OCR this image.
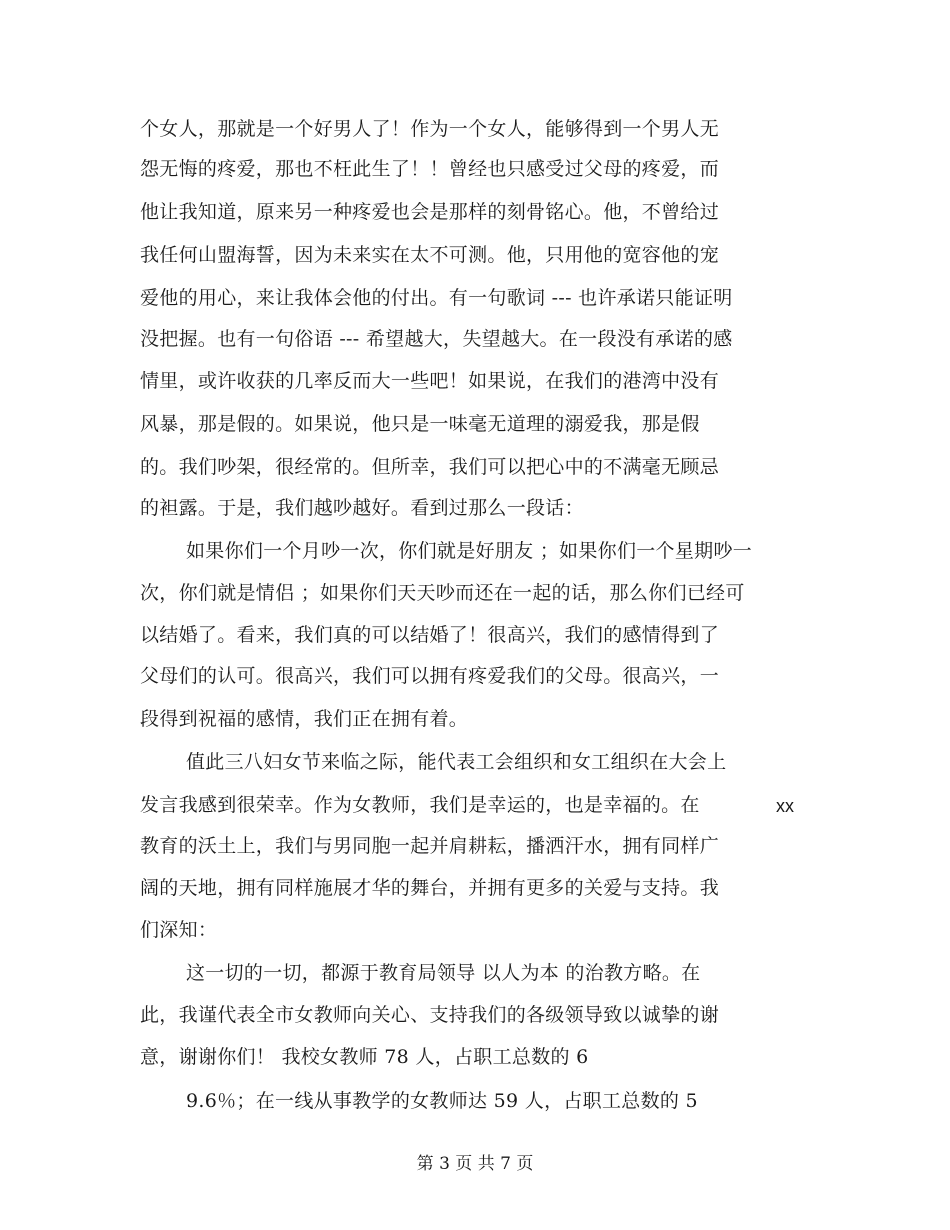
个女人，那就是一个好男人了！作为一个女人，能够得到一个男人无
怨无悔的疼爱，那也不枉此生了！！曾经也只感受过父母的疼爱，而
他让我知道，原来另一种疼爱也会是那样的刻骨铭心。他，不曾给过
我任何山盟海誓，因为未来实在太不可测。他，只用他的宽容他的宠
爱他的用心，来让我体会他的付出。有一句歌词 --- 也许承诺只能证明
没把握。也有一句俗语 --- 希望越大，失望越大。在一段没有承诺的感
情里，或许收获的几率反而大一些吧！如果说，在我们的港湾中没有
风暴，那是假的。如果说，他只是一味毫无道理的溺爱我，那是假
的。我们吵架，很经常的。但所幸，我们可以把心中的不满毫无顾忌
的袒露。于是，我们越吵越好。看到过那么一段话：
如果你们一个月吵一次，你们就是好朋友 ；如果你们一个星期吵一
次，你们就是情侣 ；如果你们天天吵而还在一起的话，那么你们已经可
以结婚了。看来，我们真的可以结婚了！很高兴，我们的感情得到了
父母们的认可。很高兴，我们可以拥有疼爱我们的父母。很高兴，一
段得到祝福的感情，我们正在拥有着。
值此三八妇女节来临之际，能代表工会组织和女工组织在大会上
发言我感到很荣幸。作为女教师，我们是幸运的，也是幸福的。在	xx
教育的沃土上，我们与男同胞一起并肩耕耘，播洒汗水，拥有同样广
阔的天地，拥有同样施展才华的舞台，并拥有更多的关爱与支持。我
们深知：
这一切的一切，都源于教育局领导 以人为本 的治教方略。在
此，我谨代表全市女教师向关心、支持我们的各级领导致以诚挚的谢
意，谢谢你们！ 我校女教师 78 人，占职工总数的 6
9.6％；在一线从事教学的女教师达 59 人，占职工总数的 5
第 3 页 共 7 页
